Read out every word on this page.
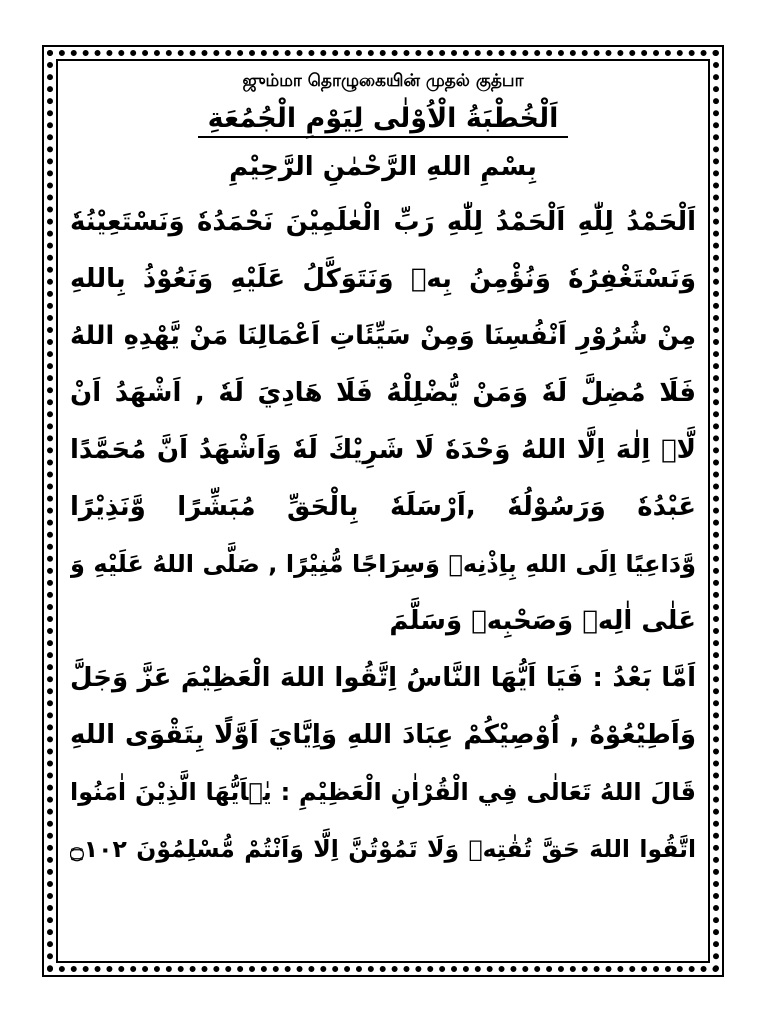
ஜும்மா தொழுகையின் முதல் குத்பா
اَلْخُطْبَةُ الْاُوْلٰى لِيَوْمِ الْجُمُعَةِ
بِسْمِ اللهِ الرَّحْمٰنِ الرَّحِيْمِ
اَلْحَمْدُ لِلّٰهِ اَلْحَمْدُ لِلّٰهِ رَبِّ الْعٰلَمِيْنَ نَحْمَدُهٗ وَنَسْتَعِيْنُهٗ
وَنَسْتَغْفِرُهٗ وَنُؤْمِنُ بِهٖ وَنَتَوَكَّلُ عَلَيْهِ وَنَعُوْذُ بِاللهِ
مِنْ شُرُوْرِ اَنْفُسِنَا وَمِنْ سَيِّئَاتِ اَعْمَالِنَا مَنْ يَّهْدِهِ اللهُ
فَلَا مُضِلَّ لَهٗ وَمَنْ يُّضْلِلْهُ فَلَا هَادِيَ لَهٗ , اَشْهَدُ اَنْ
لَّاۤ اِلٰهَ اِلَّا اللهُ وَحْدَهٗ لَا شَرِيْكَ لَهٗ وَاَشْهَدُ اَنَّ مُحَمَّدًا
عَبْدُهٗ وَرَسُوْلُهٗ ,اَرْسَلَهٗ بِالْحَقِّ مُبَشِّرًا وَّنَذِيْرًا
وَّدَاعِيًا اِلَى اللهِ بِاِذْنِهٖ وَسِرَاجًا مُّنِيْرًا , صَلَّى اللهُ عَلَيْهِ وَ
عَلٰى اٰلِهٖ وَصَحْبِهٖ وَسَلَّمَ
اَمَّا بَعْدُ : فَيَا اَيُّهَا النَّاسُ اِتَّقُوا اللهَ الْعَظِيْمَ عَزَّ وَجَلَّ
وَاَطِيْعُوْهُ , اُوْصِيْكُمْ عِبَادَ اللهِ وَاِيَّايَ اَوَّلًا بِتَقْوَى اللهِ
قَالَ اللهُ تَعَالٰى فِي الْقُرْاٰنِ الْعَظِيْمِ : يٰۤاَيُّهَا الَّذِيْنَ اٰمَنُوا
اتَّقُوا اللهَ حَقَّ تُقٰتِهٖ وَلَا تَمُوْتُنَّ اِلَّا وَاَنْتُمْ مُّسْلِمُوْنَ ۝١٠٢
